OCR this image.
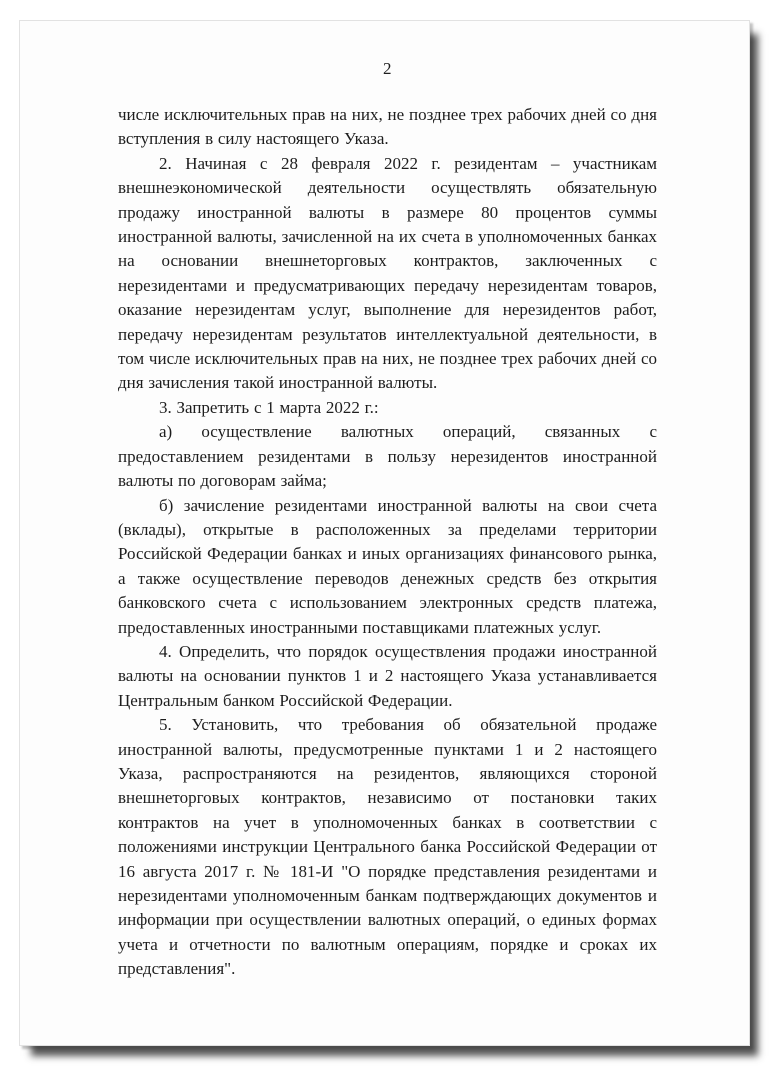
2

числе исключительных прав на них, не позднее трех рабочих дней со дня вступления в силу настоящего Указа.

2. Начиная с 28 февраля 2022 г. резидентам – участникам внешнеэкономической деятельности осуществлять обязательную продажу иностранной валюты в размере 80 процентов суммы иностранной валюты, зачисленной на их счета в уполномоченных банках на основании внешнеторговых контрактов, заключенных с нерезидентами и предусматривающих передачу нерезидентам товаров, оказание нерезидентам услуг, выполнение для нерезидентов работ, передачу нерезидентам результатов интеллектуальной деятельности, в том числе исключительных прав на них, не позднее трех рабочих дней со дня зачисления такой иностранной валюты.

3. Запретить с 1 марта 2022 г.:

а) осуществление валютных операций, связанных с предоставлением резидентами в пользу нерезидентов иностранной валюты по договорам займа;

б) зачисление резидентами иностранной валюты на свои счета (вклады), открытые в расположенных за пределами территории Российской Федерации банках и иных организациях финансового рынка, а также осуществление переводов денежных средств без открытия банковского счета с использованием электронных средств платежа, предоставленных иностранными поставщиками платежных услуг.

4. Определить, что порядок осуществления продажи иностранной валюты на основании пунктов 1 и 2 настоящего Указа устанавливается Центральным банком Российской Федерации.

5. Установить, что требования об обязательной продаже иностранной валюты, предусмотренные пунктами 1 и 2 настоящего Указа, распространяются на резидентов, являющихся стороной внешнеторговых контрактов, независимо от постановки таких контрактов на учет в уполномоченных банках в соответствии с положениями инструкции Центрального банка Российской Федерации от 16 августа 2017 г. № 181-И "О порядке представления резидентами и нерезидентами уполномоченным банкам подтверждающих документов и информации при осуществлении валютных операций, о единых формах учета и отчетности по валютным операциям, порядке и сроках их представления".
